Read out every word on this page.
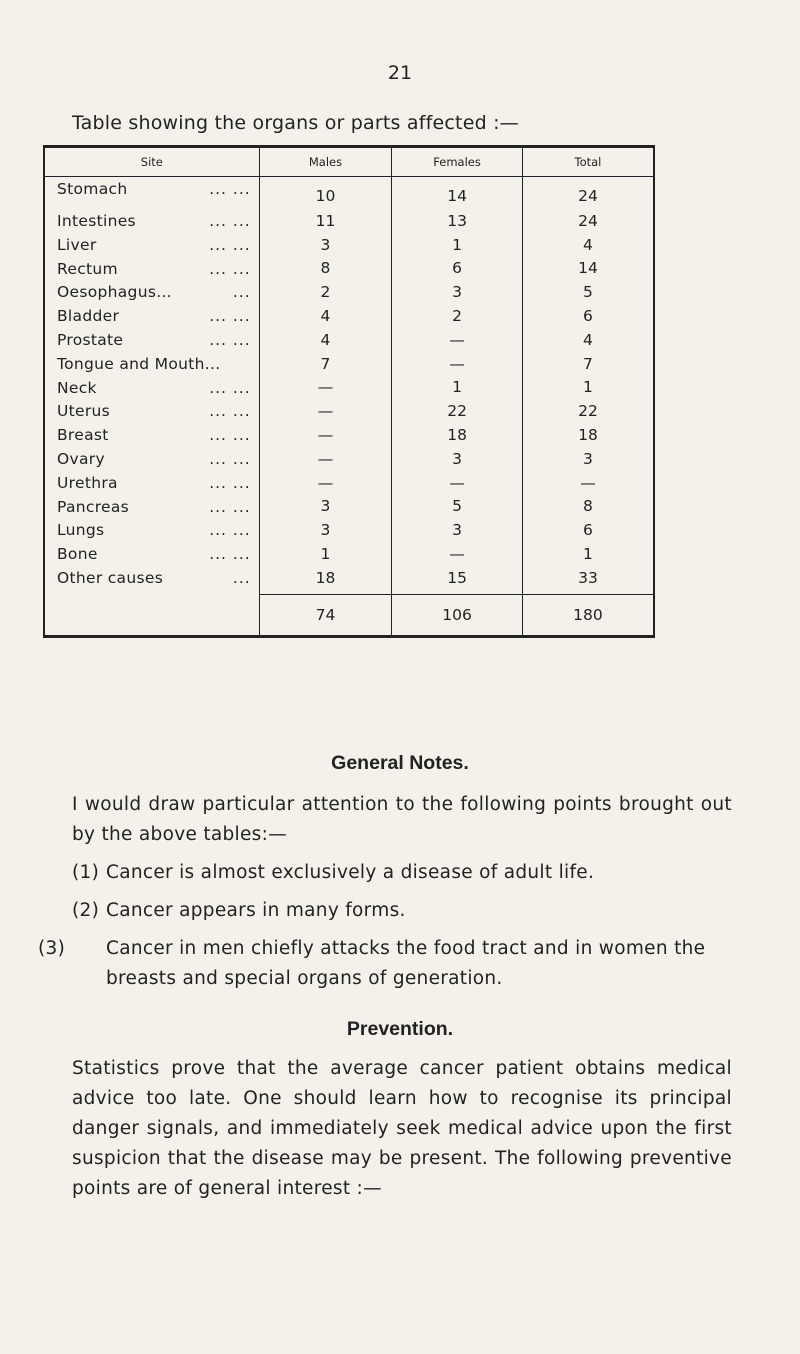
21
Table showing the organs or parts affected :—
Site	Males	Females	Total

Stomach ... ...	10	14	24

Intestines ... ...	11	13	24

Liver ... ...	3	1	4

Rectum ... ...	8	6	14

Oesophagus... ...	2	3	5

Bladder ... ...	4	2	6

Prostate ... ...	4	—	4

Tongue and Mouth...	7	—	7

Neck ... ...	—	1	1

Uterus ... ...	—	22	22

Breast ... ...	—	18	18

Ovary ... ...	—	3	3

Urethra ... ...	—	—	—

Pancreas ... ...	3	5	8

Lungs ... ...	3	3	6

Bone ... ...	1	—	1

Other causes ...	18	15	33
	74	106	180
General Notes.
I would draw particular attention to the following points brought out by the above tables:—
(1) Cancer is almost exclusively a disease of adult life.
(2) Cancer appears in many forms.
(3) Cancer in men chiefly attacks the food tract and in women the breasts and special organs of generation.
Prevention.
Statistics prove that the average cancer patient obtains medical advice too late. One should learn how to recognise its principal danger signals, and immediately seek medical advice upon the first suspicion that the disease may be present. The following preventive points are of general interest :—
